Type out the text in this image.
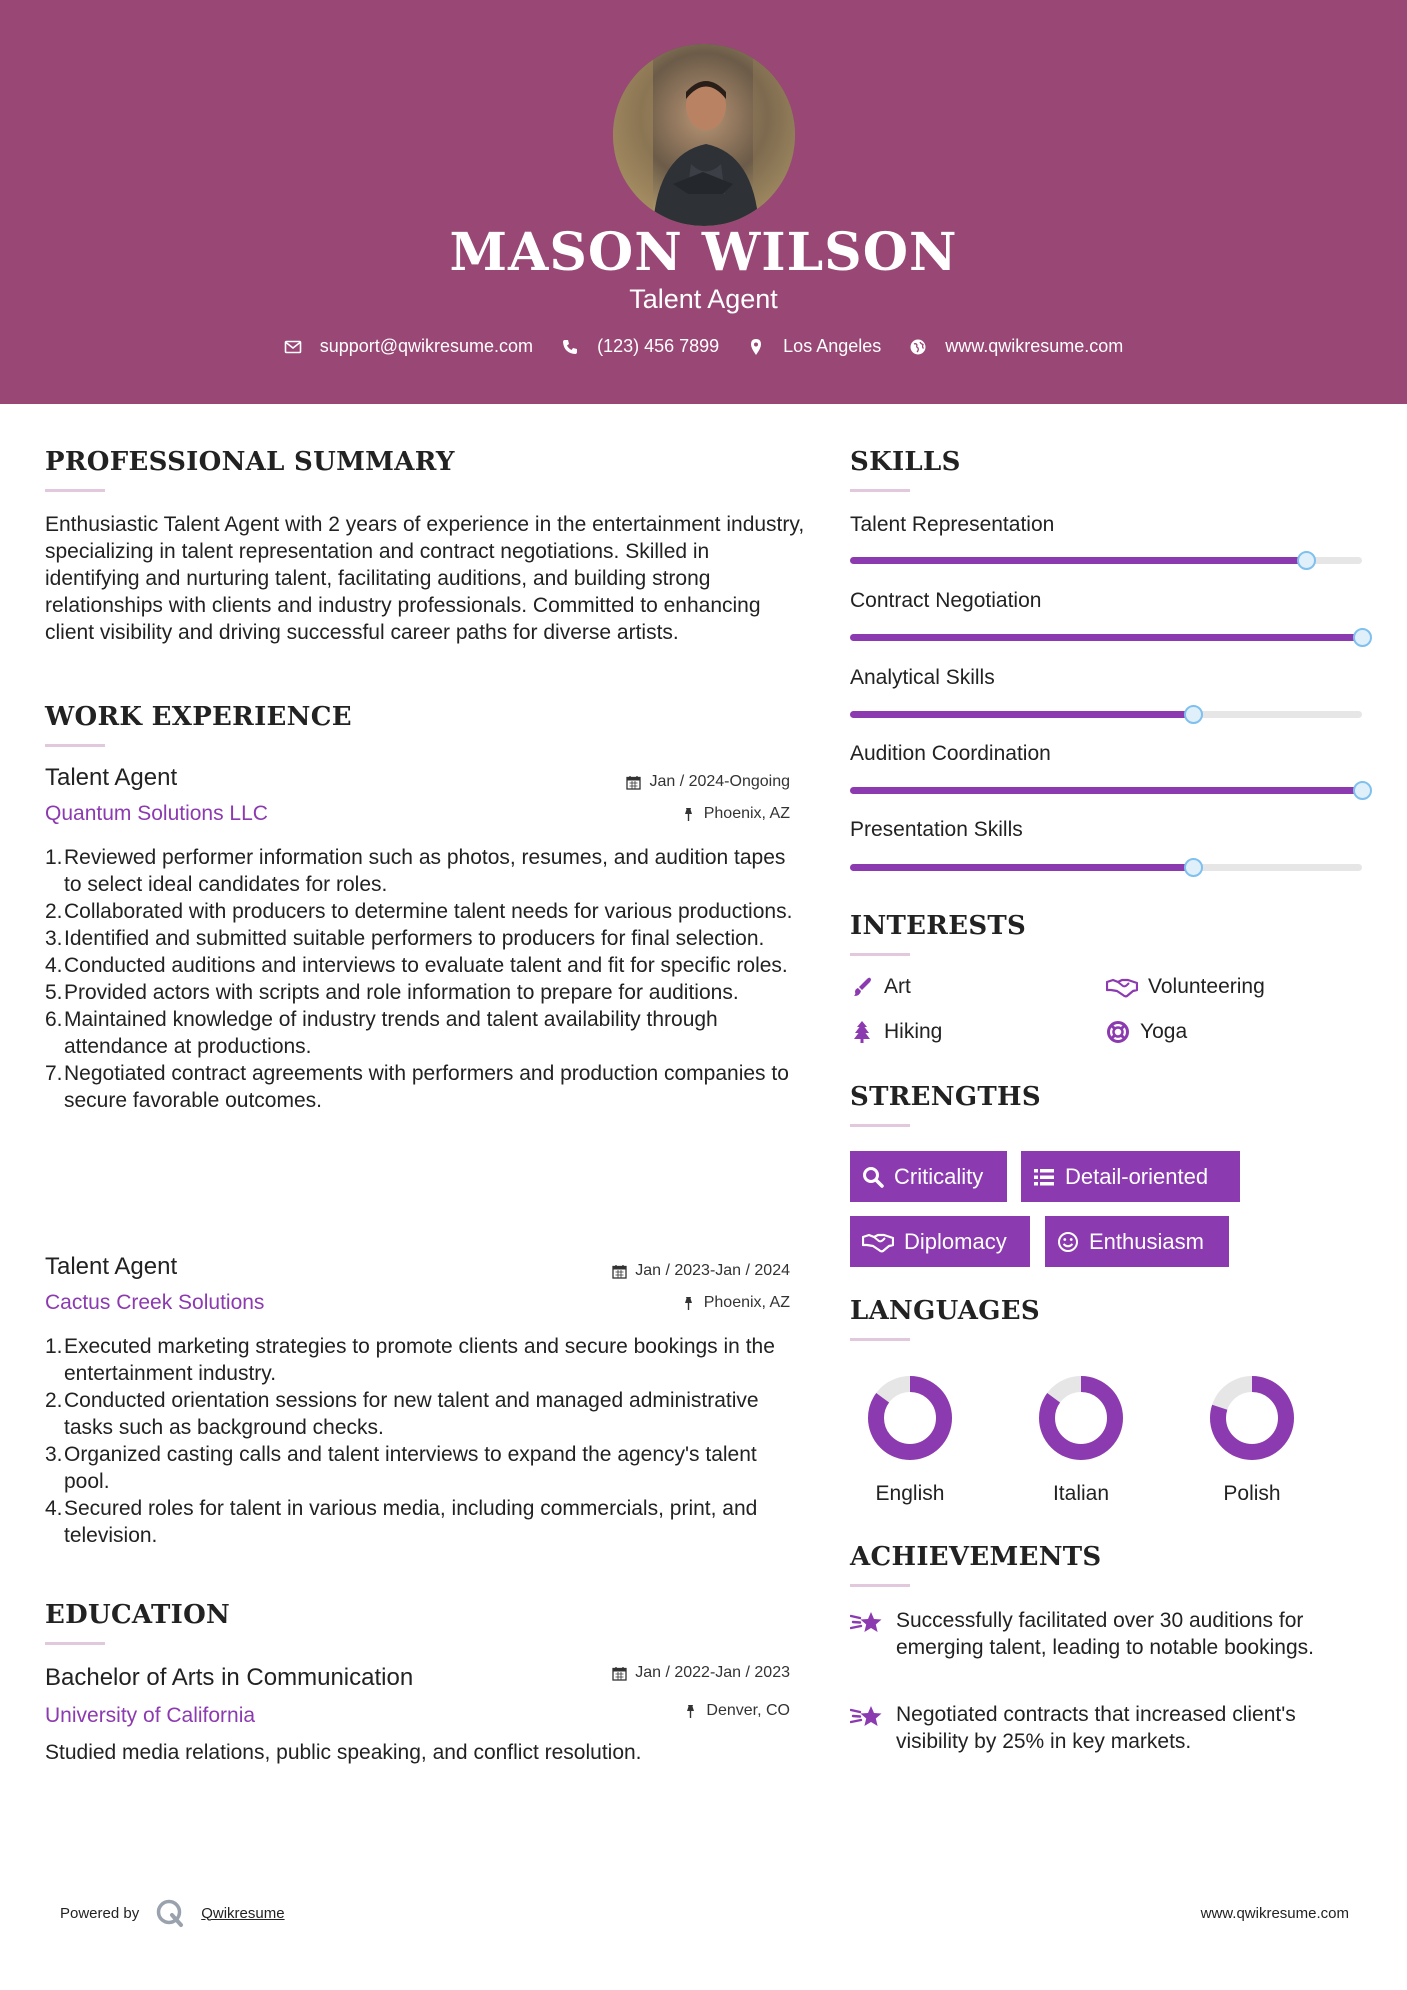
MASON WILSON
Talent Agent
support@qwikresume.com	(123) 456 7899	Los Angeles	www.qwikresume.com
PROFESSIONAL SUMMARY
Enthusiastic Talent Agent with 2 years of experience in the entertainment industry, specializing in talent representation and contract negotiations. Skilled in identifying and nurturing talent, facilitating auditions, and building strong relationships with clients and industry professionals. Committed to enhancing client visibility and driving successful career paths for diverse artists.
WORK EXPERIENCE
Talent Agent	Jan / 2024-Ongoing
Quantum Solutions LLC	Phoenix, AZ
1. Reviewed performer information such as photos, resumes, and audition tapes to select ideal candidates for roles.
2. Collaborated with producers to determine talent needs for various productions.
3. Identified and submitted suitable performers to producers for final selection.
4. Conducted auditions and interviews to evaluate talent and fit for specific roles.
5. Provided actors with scripts and role information to prepare for auditions.
6. Maintained knowledge of industry trends and talent availability through attendance at productions.
7. Negotiated contract agreements with performers and production companies to secure favorable outcomes.
Talent Agent	Jan / 2023-Jan / 2024
Cactus Creek Solutions	Phoenix, AZ
1. Executed marketing strategies to promote clients and secure bookings in the entertainment industry.
2. Conducted orientation sessions for new talent and managed administrative tasks such as background checks.
3. Organized casting calls and talent interviews to expand the agency's talent pool.
4. Secured roles for talent in various media, including commercials, print, and television.
EDUCATION
Bachelor of Arts in Communication	Jan / 2022-Jan / 2023
University of California	Denver, CO
Studied media relations, public speaking, and conflict resolution.
SKILLS
Talent Representation
Contract Negotiation
Analytical Skills
Audition Coordination
Presentation Skills
INTERESTS
Art	Volunteering
Hiking	Yoga
STRENGTHS
Criticality	Detail-oriented
Diplomacy	Enthusiasm
LANGUAGES
English	Italian	Polish
ACHIEVEMENTS
Successfully facilitated over 30 auditions for emerging talent, leading to notable bookings.
Negotiated contracts that increased client's visibility by 25% in key markets.
Powered by	Qwikresume	www.qwikresume.com
